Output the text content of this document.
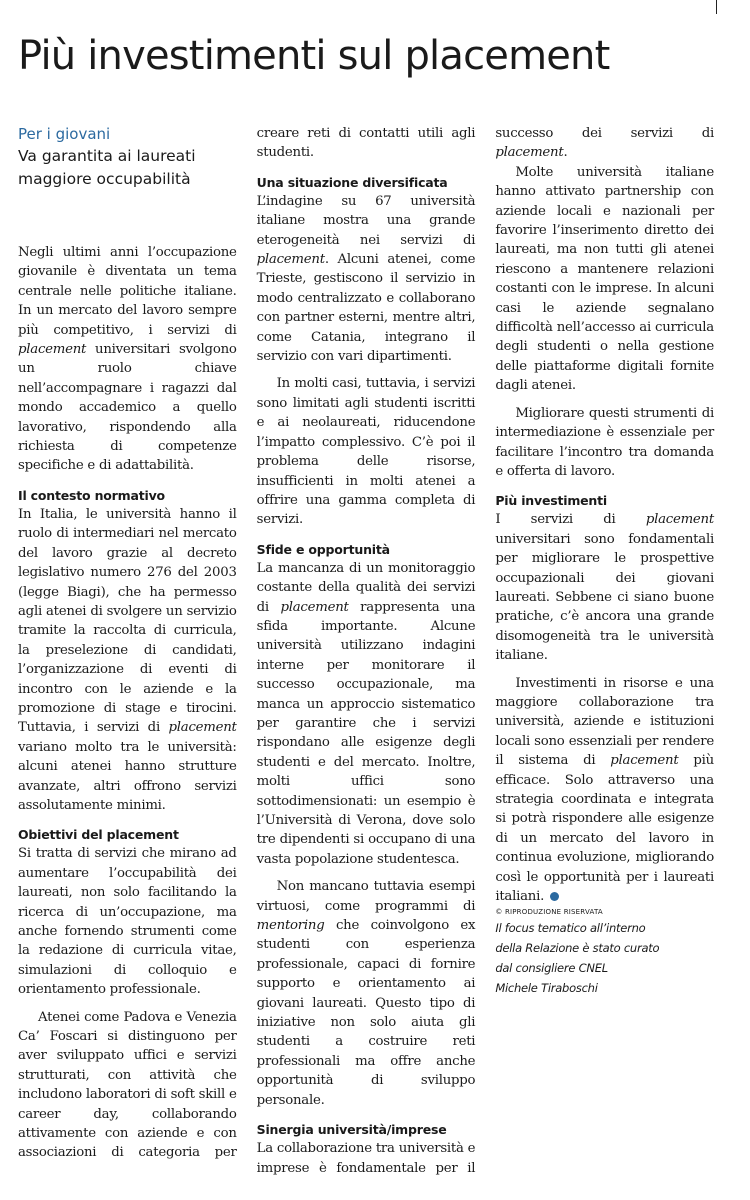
Più investimenti sul placement

Per i giovani

Va garantita ai laureati
maggiore occupabilità

Negli ultimi anni l’occupazione giovanile è diventata un tema centrale nelle politiche italiane. In un mercato del lavoro sempre più competitivo, i servizi di placement universitari svolgono un ruolo chiave nell’accompagnare i ragazzi dal mondo accademico a quello lavorativo, rispondendo alla richiesta di competenze specifiche e di adattabilità.

Il contesto normativo

In Italia, le università hanno il ruolo di intermediari nel mercato del lavoro grazie al decreto legislativo numero 276 del 2003 (legge Biagi), che ha permesso agli atenei di svolgere un servizio tramite la raccolta di curricula, la preselezione di candidati, l’organizzazione di eventi di incontro con le aziende e la promozione di stage e tirocini. Tuttavia, i servizi di placement variano molto tra le università: alcuni atenei hanno strutture avanzate, altri offrono servizi assolutamente minimi.

Obiettivi del placement

Si tratta di servizi che mirano ad aumentare l’occupabilità dei laureati, non solo facilitando la ricerca di un’occupazione, ma anche fornendo strumenti come la redazione di curricula vitae, simulazioni di colloquio e orientamento professionale.

Atenei come Padova e Venezia Ca’ Foscari si distinguono per aver sviluppato uffici e servizi strutturati, con attività che includono laboratori di soft skill e career day, collaborando attivamente con aziende e con associazioni di categoria per creare reti di contatti utili agli studenti.

Una situazione diversificata

L’indagine su 67 università italiane mostra una grande eterogeneità nei servizi di placement. Alcuni atenei, come Trieste, gestiscono il servizio in modo centralizzato e collaborano con partner esterni, mentre altri, come Catania, integrano il servizio con vari dipartimenti.

In molti casi, tuttavia, i servizi sono limitati agli studenti iscritti e ai neolaureati, riducendone l’impatto complessivo. C’è poi il problema delle risorse, insufficienti in molti atenei a offrire una gamma completa di servizi.

Sfide e opportunità

La mancanza di un monitoraggio costante della qualità dei servizi di placement rappresenta una sfida importante. Alcune università utilizzano indagini interne per monitorare il successo occupazionale, ma manca un approccio sistematico per garantire che i servizi rispondano alle esigenze degli studenti e del mercato. Inoltre, molti uffici sono sottodimensionati: un esempio è l’Università di Verona, dove solo tre dipendenti si occupano di una vasta popolazione studentesca.

Non mancano tuttavia esempi virtuosi, come programmi di mentoring che coinvolgono ex studenti con esperienza professionale, capaci di fornire supporto e orientamento ai giovani laureati. Questo tipo di iniziative non solo aiuta gli studenti a costruire reti professionali ma offre anche opportunità di sviluppo personale.

Sinergia università/imprese

La collaborazione tra università e imprese è fondamentale per il successo dei servizi di placement.

Molte università italiane hanno attivato partnership con aziende locali e nazionali per favorire l’inserimento diretto dei laureati, ma non tutti gli atenei riescono a mantenere relazioni costanti con le imprese. In alcuni casi le aziende segnalano difficoltà nell’accesso ai curricula degli studenti o nella gestione delle piattaforme digitali fornite dagli atenei.

Migliorare questi strumenti di intermediazione è essenziale per facilitare l’incontro tra domanda e offerta di lavoro.

Più investimenti

I servizi di placement universitari sono fondamentali per migliorare le prospettive occupazionali dei giovani laureati. Sebbene ci siano buone pratiche, c’è ancora una grande disomogeneità tra le università italiane.

Investimenti in risorse e una maggiore collaborazione tra università, aziende e istituzioni locali sono essenziali per rendere il sistema di placement più efficace. Solo attraverso una strategia coordinata e integrata si potrà rispondere alle esigenze di un mercato del lavoro in continua evoluzione, migliorando così le opportunità per i laureati italiani.

© RIPRODUZIONE RISERVATA

Il focus tematico all’interno

della Relazione è stato curato

dal consigliere CNEL

Michele Tiraboschi
